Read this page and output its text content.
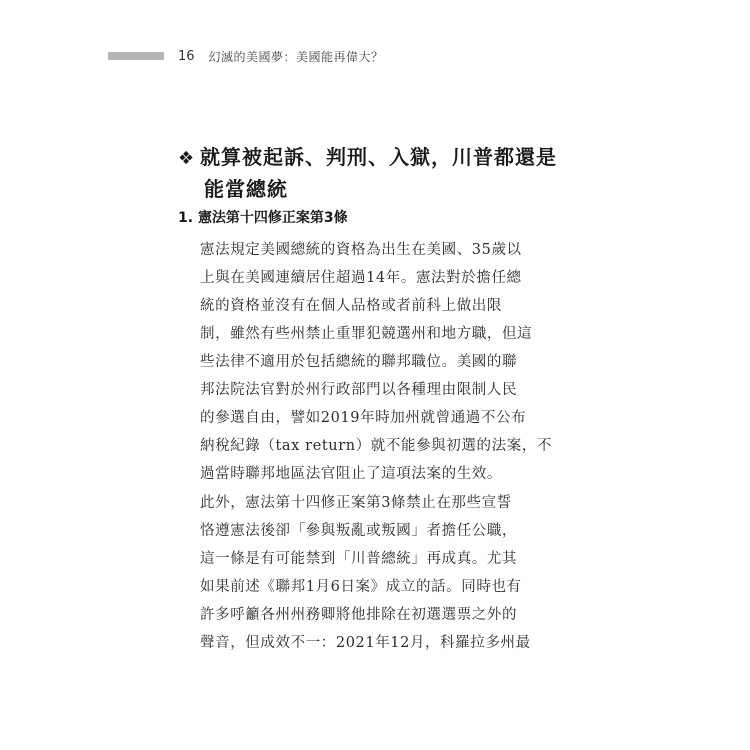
16 幻滅的美國夢：美國能再偉大？
❖ 就算被起訴、判刑、入獄，川普都還是
能當總統
1. 憲法第十四修正案第3條

憲法規定美國總統的資格為出生在美國、35歲以
上與在美國連續居住超過14年。憲法對於擔任總
統的資格並沒有在個人品格或者前科上做出限
制，雖然有些州禁止重罪犯競選州和地方職，但這
些法律不適用於包括總統的聯邦職位。美國的聯
邦法院法官對於州行政部門以各種理由限制人民
的參選自由，譬如2019年時加州就曾通過不公布
納稅紀錄（tax return）就不能參與初選的法案，不
過當時聯邦地區法官阻止了這項法案的生效。

此外，憲法第十四修正案第3條禁止在那些宣誓
恪遵憲法後卻「參與叛亂或叛國」者擔任公職，
這一條是有可能禁到「川普總統」再成真。尤其
如果前述《聯邦1月6日案》成立的話。同時也有
許多呼籲各州州務卿將他排除在初選選票之外的
聲音，但成效不一：2021年12月，科羅拉多州最
